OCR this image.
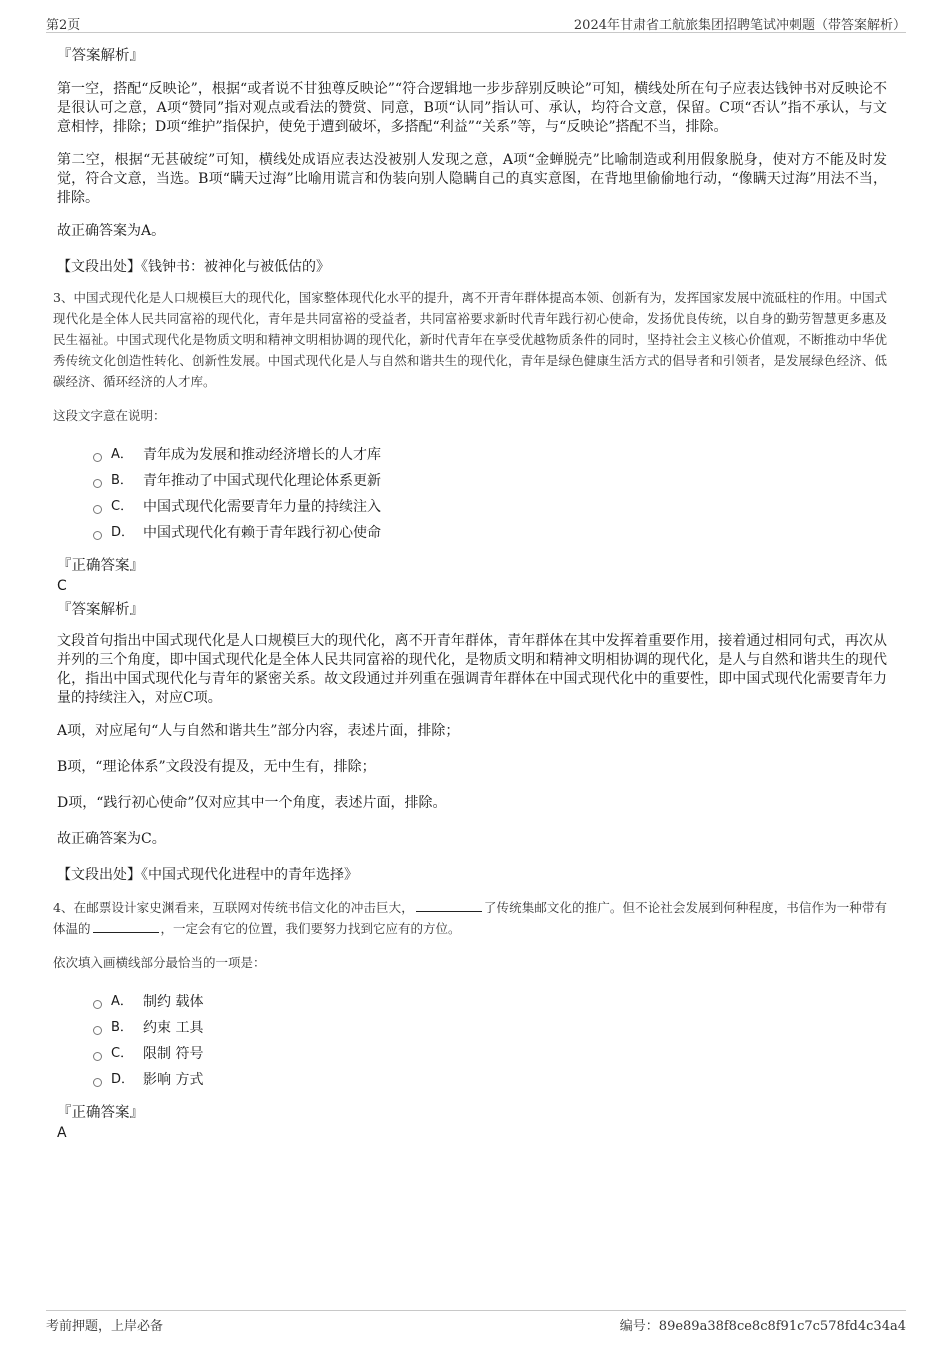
第2页	2024年甘肃省工航旅集团招聘笔试冲刺题（带答案解析）

『答案解析』

第一空，搭配“反映论”，根据“或者说不甘独尊反映论”“符合逻辑地一步步辞别反映论”可知，横线处所在句子应表达钱钟书对反映论不是很认可之意，A项“赞同”指对观点或看法的赞赏、同意，B项“认同”指认可、承认，均符合文意，保留。C项“否认”指不承认，与文意相悖，排除；D项“维护”指保护，使免于遭到破坏，多搭配“利益”“关系”等，与“反映论”搭配不当，排除。

第二空，根据“无甚破绽”可知，横线处成语应表达没被别人发现之意，A项“金蝉脱壳”比喻制造或利用假象脱身，使对方不能及时发觉，符合文意，当选。B项“瞒天过海”比喻用谎言和伪装向别人隐瞒自己的真实意图，在背地里偷偷地行动，“像瞒天过海”用法不当，排除。

故正确答案为A。

【文段出处】《钱钟书：被神化与被低估的》

3、中国式现代化是人口规模巨大的现代化，国家整体现代化水平的提升，离不开青年群体提高本领、创新有为，发挥国家发展中流砥柱的作用。中国式现代化是全体人民共同富裕的现代化，青年是共同富裕的受益者，共同富裕要求新时代青年践行初心使命，发扬优良传统，以自身的勤劳智慧更多惠及民生福祉。中国式现代化是物质文明和精神文明相协调的现代化，新时代青年在享受优越物质条件的同时，坚持社会主义核心价值观，不断推动中华优秀传统文化创造性转化、创新性发展。中国式现代化是人与自然和谐共生的现代化，青年是绿色健康生活方式的倡导者和引领者，是发展绿色经济、低碳经济、循环经济的人才库。

这段文字意在说明：

A． 青年成为发展和推动经济增长的人才库
B． 青年推动了中国式现代化理论体系更新
C． 中国式现代化需要青年力量的持续注入
D． 中国式现代化有赖于青年践行初心使命

『正确答案』

C

『答案解析』

文段首句指出中国式现代化是人口规模巨大的现代化，离不开青年群体，青年群体在其中发挥着重要作用，接着通过相同句式，再次从并列的三个角度，即中国式现代化是全体人民共同富裕的现代化，是物质文明和精神文明相协调的现代化，是人与自然和谐共生的现代化，指出中国式现代化与青年的紧密关系。故文段通过并列重在强调青年群体在中国式现代化中的重要性，即中国式现代化需要青年力量的持续注入，对应C项。

A项，对应尾句“人与自然和谐共生”部分内容，表述片面，排除；

B项，“理论体系”文段没有提及，无中生有，排除；

D项，“践行初心使命”仅对应其中一个角度，表述片面，排除。

故正确答案为C。

【文段出处】《中国式现代化进程中的青年选择》

4、在邮票设计家史渊看来，互联网对传统书信文化的冲击巨大，	了传统集邮文化的推广。但不论社会发展到何种程度，书信作为一种带有体温的	，一定会有它的位置，我们要努力找到它应有的方位。

依次填入画横线部分最恰当的一项是：

A． 制约 载体
B． 约束 工具
C． 限制 符号
D． 影响 方式

『正确答案』

A

考前押题，上岸必备	编号：89e89a38f8ce8c8f91c7c578fd4c34a4
